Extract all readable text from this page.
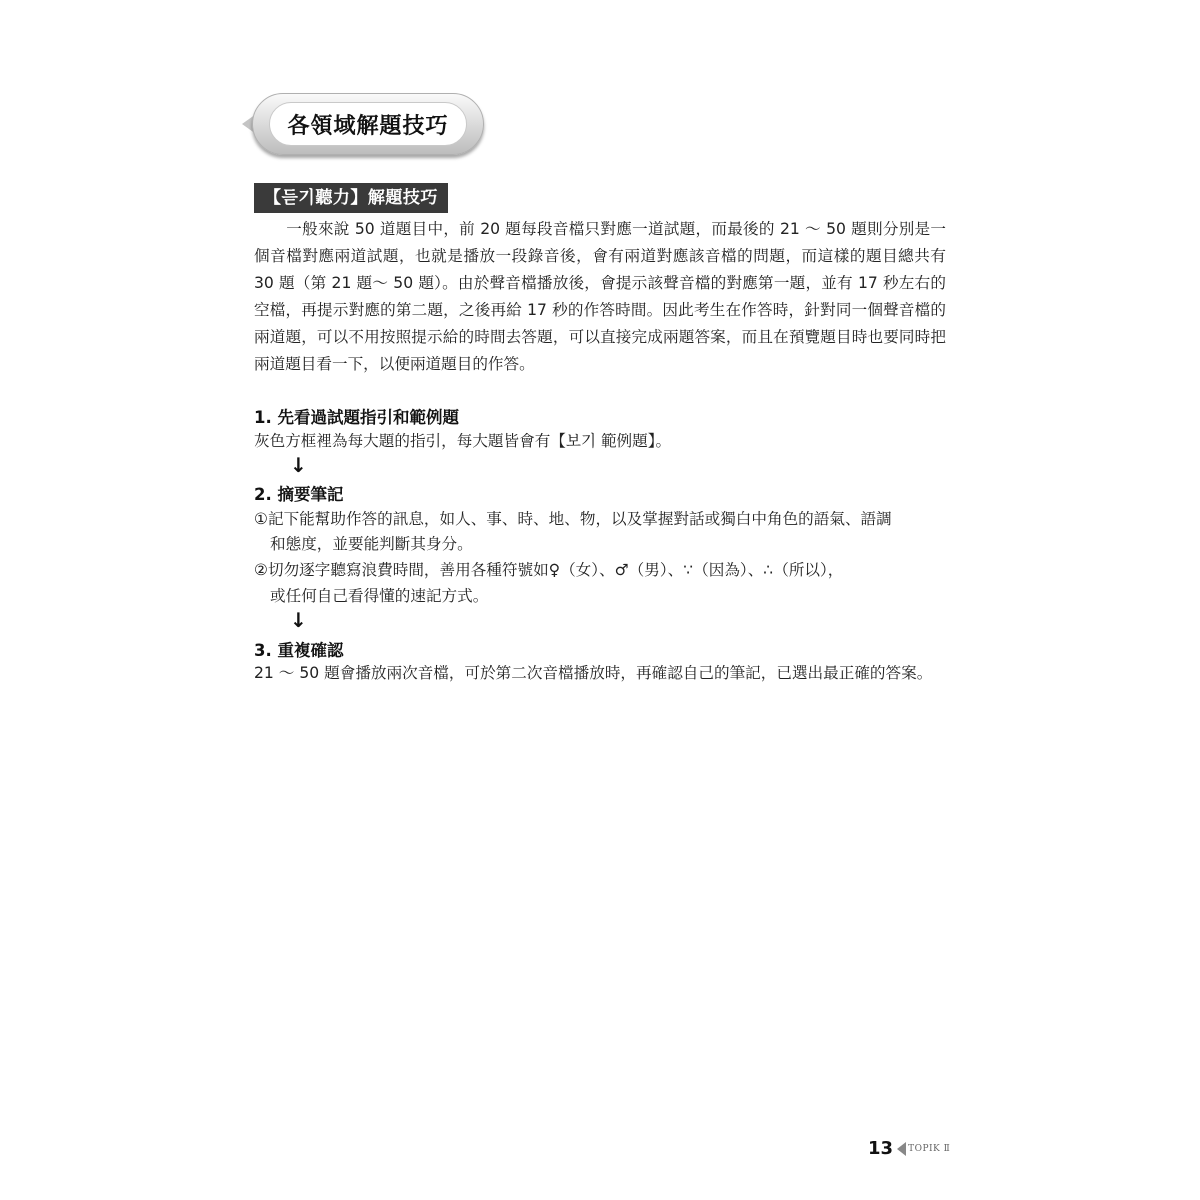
各領域解題技巧
【듣기聽力】解題技巧
一般來說 50 道題目中，前 20 題每段音檔只對應一道試題，而最後的 21 ～ 50 題則分別是一個音檔對應兩道試題，也就是播放一段錄音後，會有兩道對應該音檔的問題，而這樣的題目總共有 30 題（第 21 題～ 50 題）。由於聲音檔播放後，會提示該聲音檔的對應第一題，並有 17 秒左右的空檔，再提示對應的第二題，之後再給 17 秒的作答時間。因此考生在作答時，針對同一個聲音檔的兩道題，可以不用按照提示給的時間去答題，可以直接完成兩題答案，而且在預覽題目時也要同時把兩道題目看一下，以便兩道題目的作答。
1. 先看過試題指引和範例題
灰色方框裡為每大題的指引，每大題皆會有【보기 範例題】。
↓
2. 摘要筆記
①記下能幫助作答的訊息，如人、事、時、地、物，以及掌握對話或獨白中角色的語氣、語調
和態度，並要能判斷其身分。
②切勿逐字聽寫浪費時間，善用各種符號如♀（女）、♂（男）、∵（因為）、∴（所以），
或任何自己看得懂的速記方式。
↓
3. 重複確認
21 ～ 50 題會播放兩次音檔，可於第二次音檔播放時，再確認自己的筆記，已選出最正確的答案。
13 TOPIK Ⅱ
